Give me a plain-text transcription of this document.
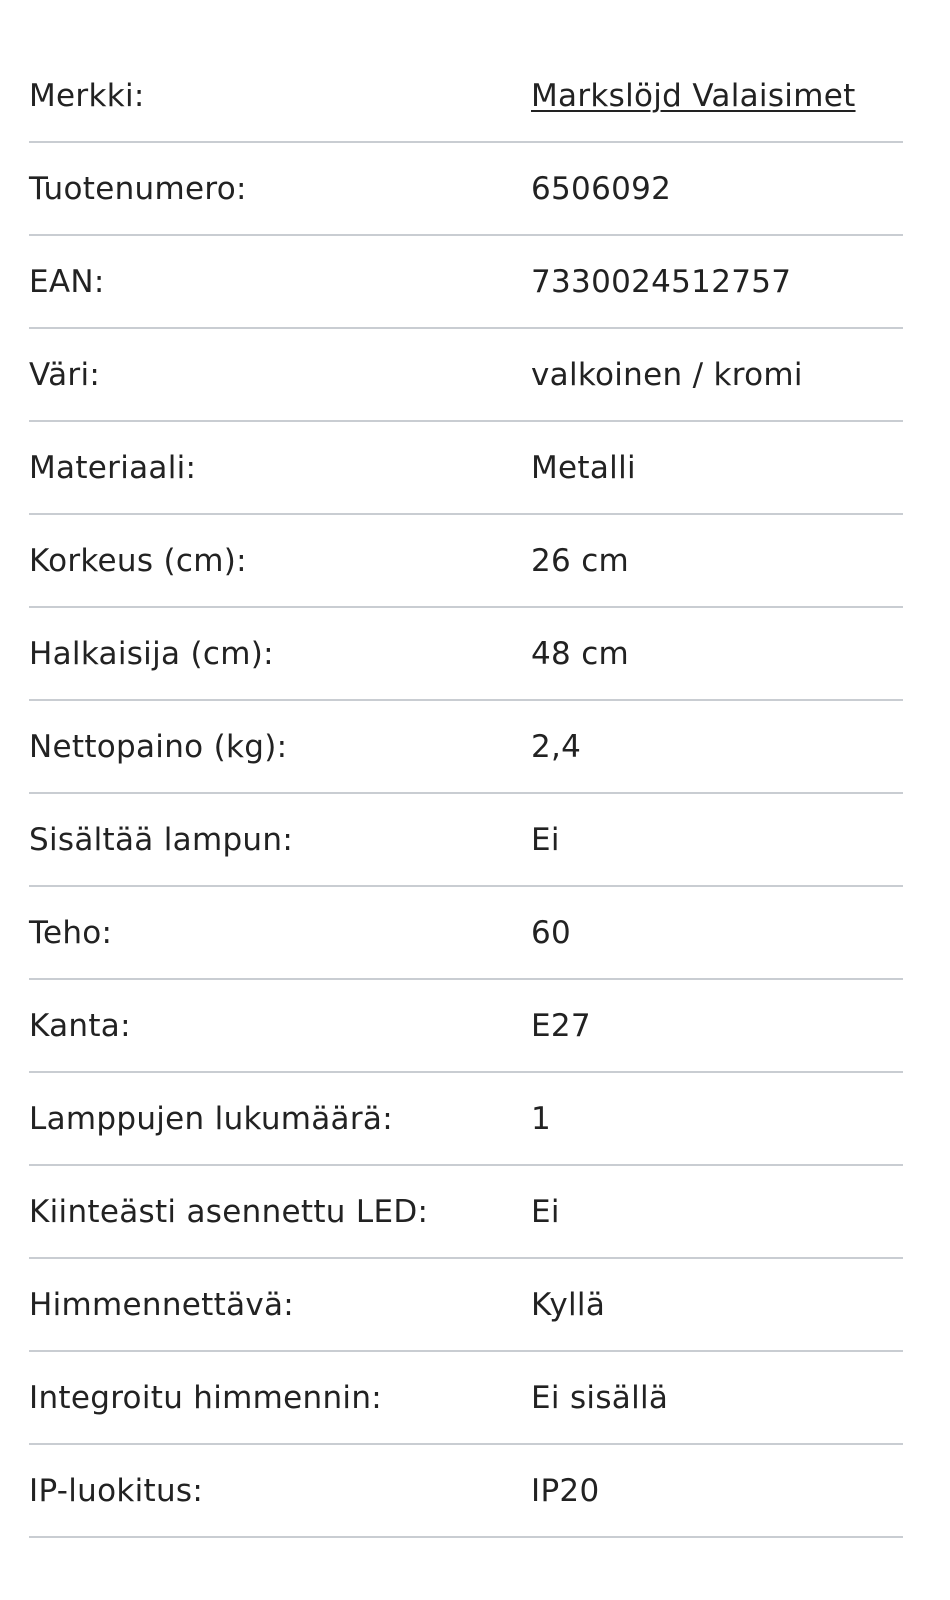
Merkki:	Markslöjd Valaisimet
Tuotenumero:	6506092
EAN:	7330024512757
Väri:	valkoinen / kromi
Materiaali:	Metalli
Korkeus (cm):	26 cm
Halkaisija (cm):	48 cm
Nettopaino (kg):	2,4
Sisältää lampun:	Ei
Teho:	60
Kanta:	E27
Lamppujen lukumäärä:	1
Kiinteästi asennettu LED:	Ei
Himmennettävä:	Kyllä
Integroitu himmennin:	Ei sisällä
IP-luokitus:	IP20
